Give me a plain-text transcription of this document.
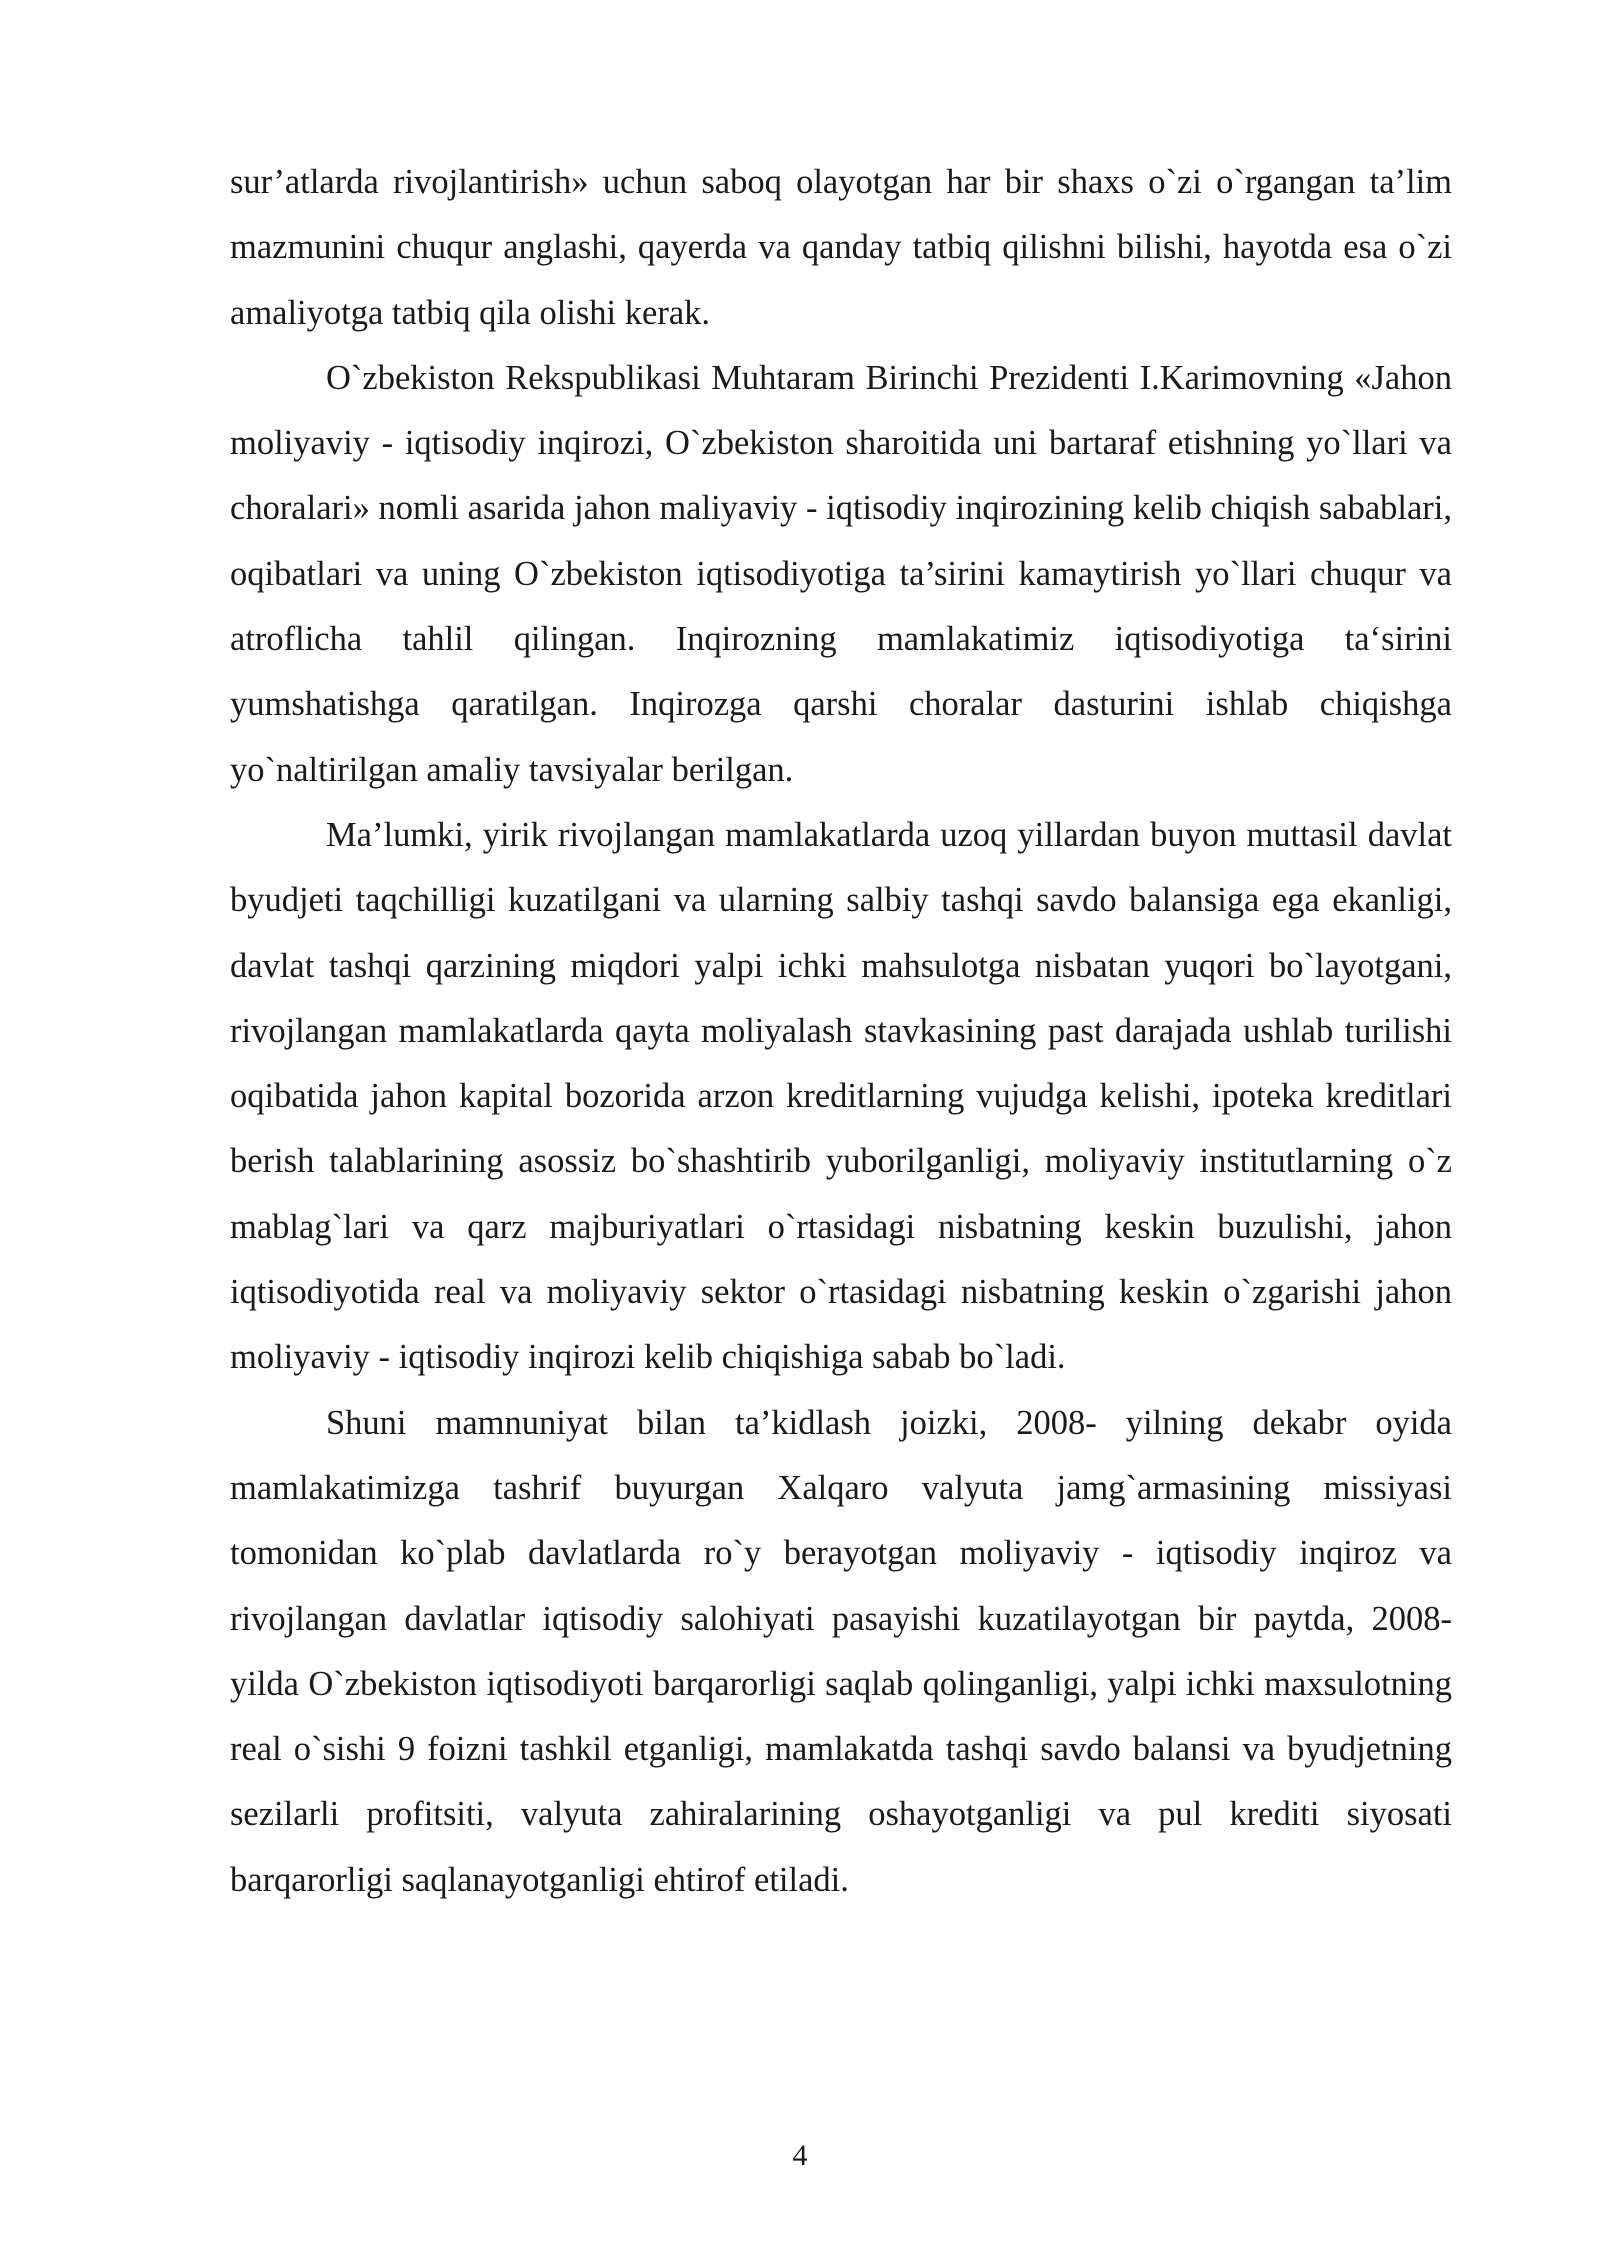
sur’atlarda rivojlantirish» uchun saboq olayotgan har bir shaxs o`zi o`rgangan ta’lim mazmunini chuqur anglashi, qayerda va qanday tatbiq qilishni bilishi, hayotda esa o`zi amaliyotga tatbiq qila olishi kerak.

O`zbekiston Rekspublikasi Muhtaram Birinchi Prezidenti I.Karimovning «Jahon moliyaviy - iqtisodiy inqirozi, O`zbekiston sharoitida uni bartaraf etishning yo`llari va choralari» nomli asarida jahon maliyaviy - iqtisodiy inqirozining kelib chiqish sabablari, oqibatlari va uning O`zbekiston iqtisodiyotiga ta’sirini kamaytirish yo`llari chuqur va atroflicha tahlil qilingan. Inqirozning mamlakatimiz iqtisodiyotiga ta‘sirini yumshatishga qaratilgan. Inqirozga qarshi choralar dasturini ishlab chiqishga yo`naltirilgan amaliy tavsiyalar berilgan.

Ma’lumki, yirik rivojlangan mamlakatlarda uzoq yillardan buyon muttasil davlat byudjeti taqchilligi kuzatilgani va ularning salbiy tashqi savdo balansiga ega ekanligi, davlat tashqi qarzining miqdori yalpi ichki mahsulotga nisbatan yuqori bo`layotgani, rivojlangan mamlakatlarda qayta moliyalash stavkasining past darajada ushlab turilishi oqibatida jahon kapital bozorida arzon kreditlarning vujudga kelishi, ipoteka kreditlari berish talablarining asossiz bo`shashtirib yuborilganligi, moliyaviy institutlarning o`z mablag`lari va qarz majburiyatlari o`rtasidagi nisbatning keskin buzulishi, jahon iqtisodiyotida real va moliyaviy sektor o`rtasidagi nisbatning keskin o`zgarishi jahon moliyaviy - iqtisodiy inqirozi kelib chiqishiga sabab bo`ladi.

Shuni mamnuniyat bilan ta’kidlash joizki, 2008- yilning dekabr oyida mamlakatimizga tashrif buyurgan Xalqaro valyuta jamg`armasining missiyasi tomonidan ko`plab davlatlarda ro`y berayotgan moliyaviy - iqtisodiy inqiroz va rivojlangan davlatlar iqtisodiy salohiyati pasayishi kuzatilayotgan bir paytda, 2008- yilda O`zbekiston iqtisodiyoti barqarorligi saqlab qolinganligi, yalpi ichki maxsulotning real o`sishi 9 foizni tashkil etganligi, mamlakatda tashqi savdo balansi va byudjetning sezilarli profitsiti, valyuta zahiralarining oshayotganligi va pul krediti siyosati barqarorligi saqlanayotganligi ehtirof etiladi.

4
